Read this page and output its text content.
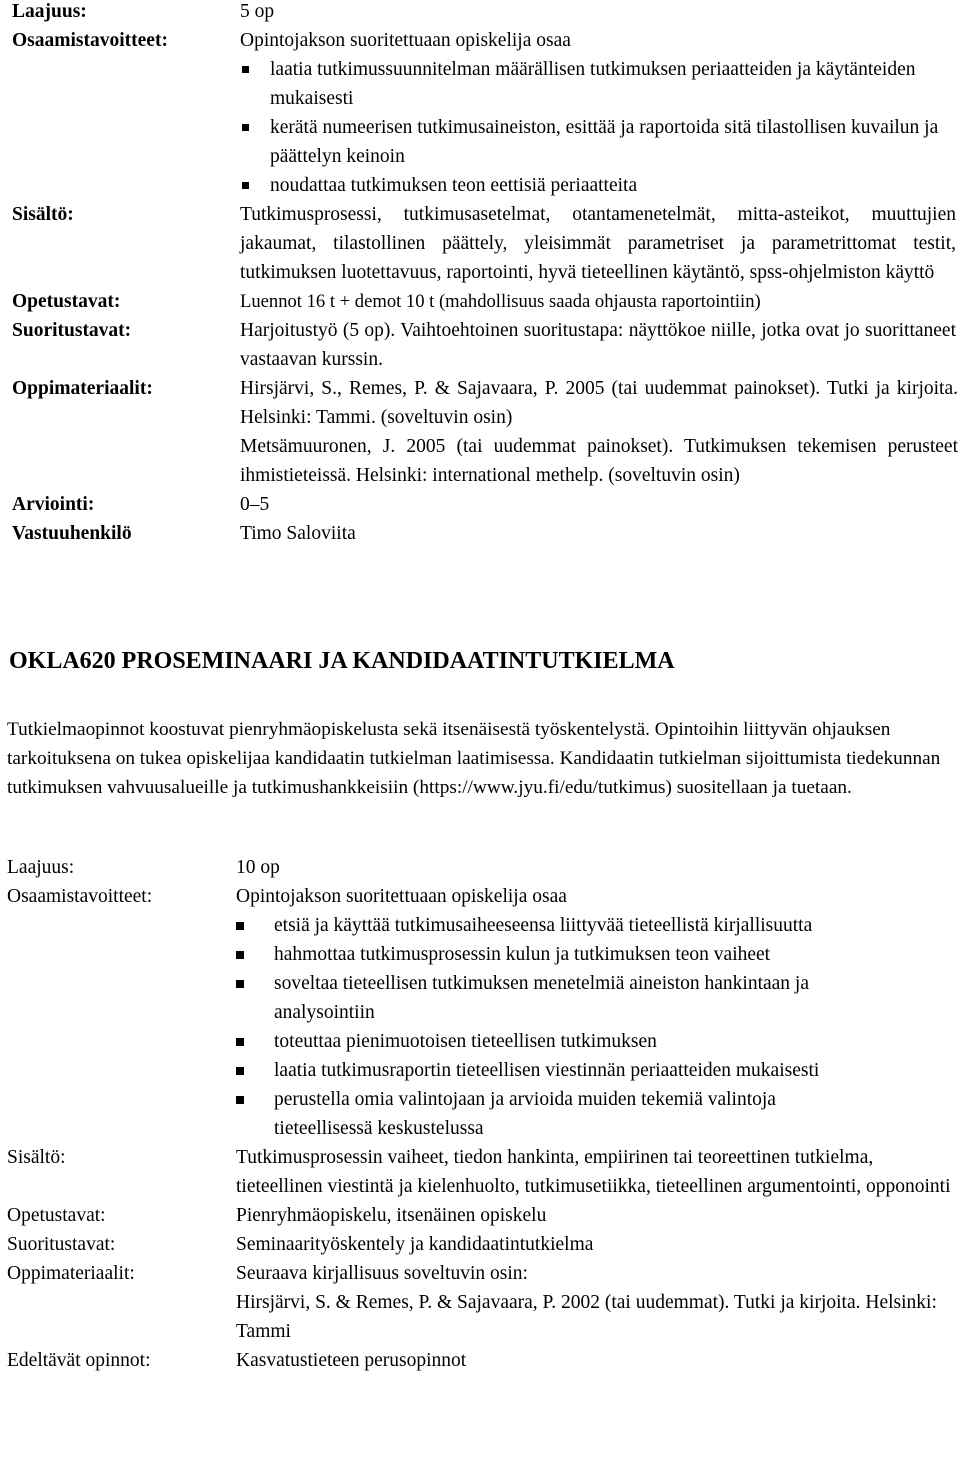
Laajuus:	5 op
Osaamistavoitteet:	Opintojakson suoritettuaan opiskelija osaa
laatia tutkimussuunnitelman määrällisen tutkimuksen periaatteiden ja käytänteiden mukaisesti
kerätä numeerisen tutkimusaineiston, esittää ja raportoida sitä tilastollisen kuvailun ja päättelyn keinoin
noudattaa tutkimuksen teon eettisiä periaatteita
Sisältö:	Tutkimusprosessi, tutkimusasetelmat, otantamenetelmät, mitta-asteikot, muuttujien jakaumat, tilastollinen päättely, yleisimmät parametriset ja parametrittomat testit, tutkimuksen luotettavuus, raportointi, hyvä tieteellinen käytäntö, spss-ohjelmiston käyttö
Opetustavat:	Luennot 16 t + demot 10 t (mahdollisuus saada ohjausta raportointiin)
Suoritustavat:	Harjoitustyö (5 op). Vaihtoehtoinen suoritustapa: näyttökoe niille, jotka ovat jo suorittaneet vastaavan kurssin.
Oppimateriaalit:	Hirsjärvi, S., Remes, P. & Sajavaara, P. 2005 (tai uudemmat painokset). Tutki ja kirjoita. Helsinki: Tammi. (soveltuvin osin)
Metsämuuronen, J. 2005 (tai uudemmat painokset). Tutkimuksen tekemisen perusteet ihmistieteissä. Helsinki: international methelp. (soveltuvin osin)
Arviointi:	0–5
Vastuuhenkilö	Timo Saloviita
OKLA620 PROSEMINAARI JA KANDIDAATINTUTKIELMA

Tutkielmaopinnot koostuvat pienryhmäopiskelusta sekä itsenäisestä työskentelystä. Opintoihin liittyvän ohjauksen tarkoituksena on tukea opiskelijaa kandidaatin tutkielman laatimisessa. Kandidaatin tutkielman sijoittumista tiedekunnan tutkimuksen vahvuusalueille ja tutkimushankkeisiin (https://www.jyu.fi/edu/tutkimus) suositellaan ja tuetaan.

Laajuus:	10 op
Osaamistavoitteet:	Opintojakson suoritettuaan opiskelija osaa
etsiä ja käyttää tutkimusaiheeseensa liittyvää tieteellistä kirjallisuutta
hahmottaa tutkimusprosessin kulun ja tutkimuksen teon vaiheet
soveltaa tieteellisen tutkimuksen menetelmiä aineiston hankintaan ja analysointiin
toteuttaa pienimuotoisen tieteellisen tutkimuksen
laatia tutkimusraportin tieteellisen viestinnän periaatteiden mukaisesti
perustella omia valintojaan ja arvioida muiden tekemiä valintoja tieteellisessä keskustelussa
Sisältö:	Tutkimusprosessin vaiheet, tiedon hankinta, empiirinen tai teoreettinen tutkielma, tieteellinen viestintä ja kielenhuolto, tutkimusetiikka, tieteellinen argumentointi, opponointi
Opetustavat:	Pienryhmäopiskelu, itsenäinen opiskelu
Suoritustavat:	Seminaarityöskentely ja kandidaatintutkielma
Oppimateriaalit:	Seuraava kirjallisuus soveltuvin osin:
Hirsjärvi, S. & Remes, P. & Sajavaara, P. 2002 (tai uudemmat). Tutki ja kirjoita. Helsinki: Tammi
Edeltävät opinnot:	Kasvatustieteen perusopinnot
